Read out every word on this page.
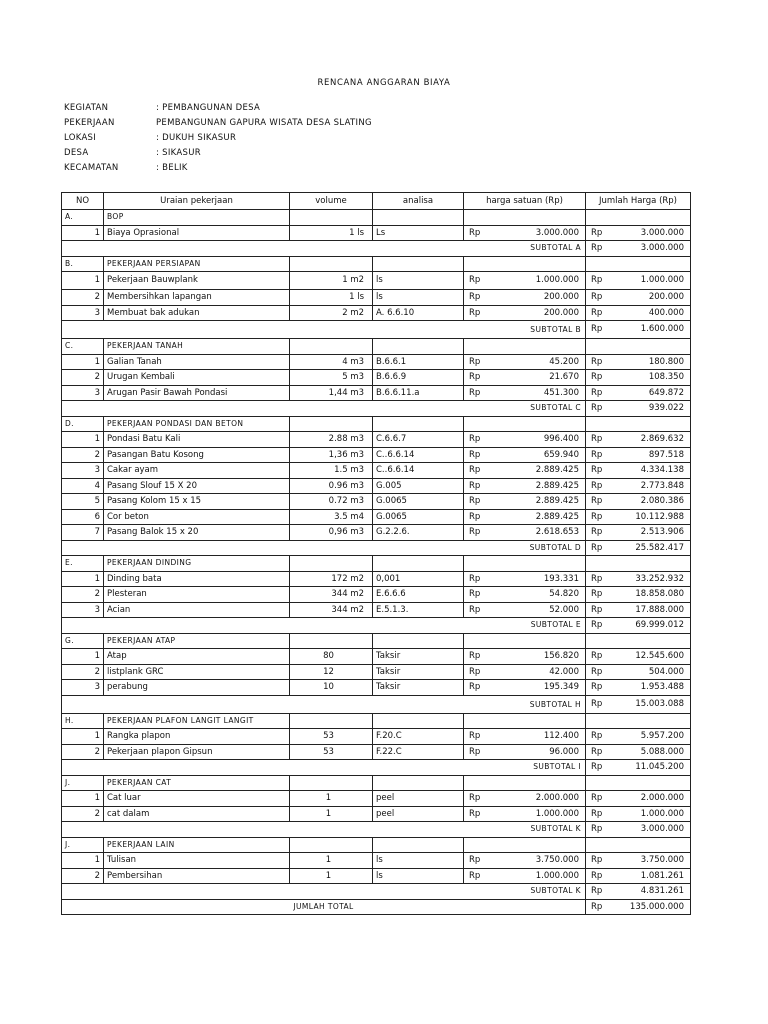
RENCANA ANGGARAN BIAYA
KEGIATAN	: PEMBANGUNAN DESA
PEKERJAAN	PEMBANGUNAN GAPURA WISATA DESA SLATING
LOKASI	: DUKUH SIKASUR
DESA	: SIKASUR
KECAMATAN	: BELIK
NO	Uraian pekerjaan	volume	analisa	harga satuan (Rp)	Jumlah Harga (Rp)
A.	BOP				
1	Biaya Oprasional	1 ls	Ls	Rp 3.000.000	Rp 3.000.000

SUBTOTAL A					Rp 3.000.000

B.	PEKERJAAN PERSIAPAN				
1	Pekerjaan Bauwplank	1 m2	ls	Rp 1.000.000	Rp 1.000.000

2	Membersihkan lapangan	1 ls	ls	Rp 200.000	Rp 200.000

3	Membuat bak adukan	2 m2	A. 6.6.10	Rp 200.000	Rp 400.000

SUBTOTAL B					Rp 1.600.000

C.	PEKERJAAN TANAH				
1	Galian Tanah	4 m3	B.6.6.1	Rp 45.200	Rp 180.800

2	Urugan Kembali	5 m3	B.6.6.9	Rp 21.670	Rp 108.350

3	Arugan Pasir Bawah Pondasi	1,44 m3	B.6.6.11.a	Rp 451.300	Rp 649.872

SUBTOTAL C					Rp 939.022

D.	PEKERJAAN PONDASI DAN BETON				
1	Pondasi Batu Kali	2.88 m3	C.6.6.7	Rp 996.400	Rp 2.869.632

2	Pasangan Batu Kosong	1,36 m3	C..6.6.14	Rp 659.940	Rp 897.518

3	Cakar ayam	1.5 m3	C..6.6.14	Rp 2.889.425	Rp 4.334.138

4	Pasang Slouf 15 X 20	0.96 m3	G.005	Rp 2.889.425	Rp 2.773.848

5	Pasang Kolom 15 x 15	0.72 m3	G.0065	Rp 2.889.425	Rp 2.080.386

6	Cor beton	3.5 m4	G.0065	Rp 2.889.425	Rp 10.112.988

7	Pasang Balok 15 x 20	0,96 m3	G.2.2.6.	Rp 2.618.653	Rp 2.513.906

SUBTOTAL D					Rp 25.582.417

E.	PEKERJAAN DINDING				
1	Dinding bata	172 m2	0,001	Rp 193.331	Rp 33.252.932

2	Plesteran	344 m2	E.6.6.6	Rp 54.820	Rp 18.858.080

3	Acian	344 m2	E.5.1.3.	Rp 52.000	Rp 17.888.000

SUBTOTAL E					Rp 69.999.012

G.	PEKERJAAN ATAP				
1	Atap	80	Taksir	Rp 156.820	Rp 12.545.600

2	listplank GRC	12	Taksir	Rp 42.000	Rp 504.000

3	perabung	10	Taksir	Rp 195.349	Rp 1.953.488

SUBTOTAL H					Rp 15.003.088

H.	PEKERJAAN PLAFON LANGIT LANGIT				
1	Rangka plapon	53	F.20.C	Rp 112.400	Rp 5.957.200

2	Pekerjaan plapon Gipsun	53	F.22.C	Rp 96.000	Rp 5.088.000

SUBTOTAL I					Rp 11.045.200

J.	PEKERJAAN CAT				
1	Cat luar	1	peel	Rp 2.000.000	Rp 2.000.000

2	cat dalam	1	peel	Rp 1.000.000	Rp 1.000.000

SUBTOTAL K					Rp 3.000.000

J.	PEKERJAAN LAIN				
1	Tulisan	1	ls	Rp 3.750.000	Rp 3.750.000

2	Pembersihan	1	ls	Rp 1.000.000	Rp 1.081.261

SUBTOTAL K					Rp 4.831.261

JUMLAH TOTAL					Rp 135.000.000
